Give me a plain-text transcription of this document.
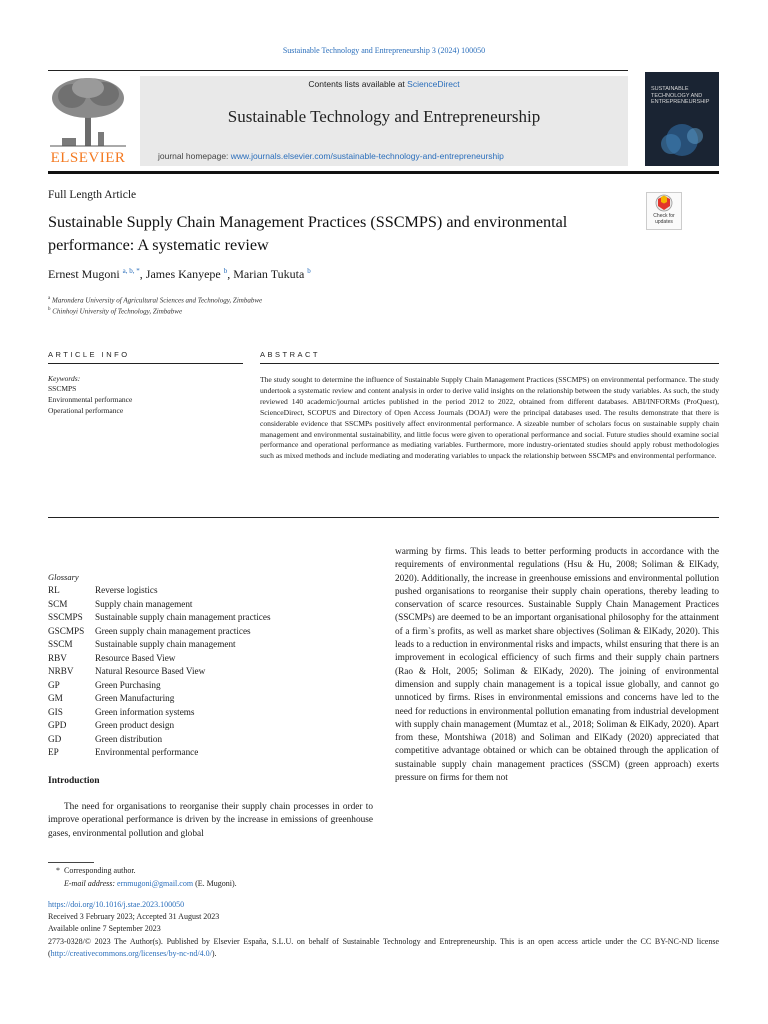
Sustainable Technology and Entrepreneurship 3 (2024) 100050
ELSEVIER
Contents lists available at ScienceDirect
Sustainable Technology and Entrepreneurship
journal homepage: www.journals.elsevier.com/sustainable-technology-and-entrepreneurship
SUSTAINABLE TECHNOLOGY AND ENTREPRENEURSHIP
Full Length Article
Sustainable Supply Chain Management Practices (SSCMPS) and environmental performance: A systematic review
Check for updates
Ernest Mugoni $^{a, b, *}$, James Kanyepe $^b$, Marian Tukuta $^b$
$^a$ Marondera University of Agricultural Sciences and Technology, Zimbabwe
$^b$ Chinhoyi University of Technology, Zimbabwe
ARTICLE INFO	ABSTRACT
Keywords:
SSCMPS
Environmental performance
Operational performance
The study sought to determine the influence of Sustainable Supply Chain Management Practices (SSCMPS) on environmental performance. The study undertook a systematic review and content analysis in order to derive valid insights on the relationship between the study variables. As such, the study reviewed 140 academic/journal articles published in the period 2012 to 2022, obtained from different databases. ABI/INFORMs (ProQuest), ScienceDirect, SCOPUS and Directory of Open Access Journals (DOAJ) were the principal databases used. The results demonstrate that there is considerable evidence that SSCMPs positively affect environmental performance. A sizeable number of scholars focus on sustainable supply chain management and environmental sustainability, and little focus were given to operational performance and social. Future studies should examine social performance and operational performance as mediating variables. Furthermore, more industry-orientated studies should apply robust methodologies such as mixed methods and include mediating and moderating variables to unpack the relationship between SSCMPs and environmental performance.
Glossary
RL	Reverse logistics
SCM	Supply chain management
SSCMPS Sustainable supply chain management practices
GSCMPS Green supply chain management practices
SSCM Sustainable supply chain management
RBV	Resource Based View
NRBV Natural Resource Based View
GP	Green Purchasing
GM	Green Manufacturing
GIS	Green information systems
GPD	Green product design
GD	Green distribution
EP	Environmental performance
Introduction
The need for organisations to reorganise their supply chain processes in order to improve operational performance is driven by the increase in emissions of greenhouse gases, environmental pollution and global
warming by firms. This leads to better performing products in accordance with the requirements of environmental regulations (Hsu & Hu, 2008; Soliman & ElKady, 2020). Additionally, the increase in greenhouse emissions and environmental pollution pushed organisations to reorganise their supply chain operations, thereby leading to conservation of scarce resources. Sustainable Supply Chain Management Practices (SSCMPs) are deemed to be an important organisational philosophy for the attainment of a firm`s profits, as well as market share objectives (Soliman & ElKady, 2020). This leads to a reduction in environmental risks and impacts, whilst ensuring that there is an improvement in ecological efficiency of such firms and their supply chain partners (Rao & Holt, 2005; Soliman & ElKady, 2020). The joining of environmental dimension and supply chain management is a topical issue globally, and cannot go unnoticed by firms. Rises in environmental emissions and concerns have led to the need for reductions in environmental pollution emanating from industrial development with supply chain management (Mumtaz et al., 2018; Soliman & ElKady, 2020). Apart from these, Montshiwa (2018) and Soliman and ElKady (2020) appreciated that competitive advantage obtained or which can be obtained through the application of sustainable supply chain management practices (SSCM) (green approach) exerts pressure on firms for them not
* Corresponding author.
E-mail address: ernmugoni@gmail.com (E. Mugoni).
https://doi.org/10.1016/j.stae.2023.100050
Received 3 February 2023; Accepted 31 August 2023
Available online 7 September 2023
2773-0328/© 2023 The Author(s). Published by Elsevier España, S.L.U. on behalf of Sustainable Technology and Entrepreneurship. This is an open access article under the CC BY-NC-ND license (http://creativecommons.org/licenses/by-nc-nd/4.0/).
